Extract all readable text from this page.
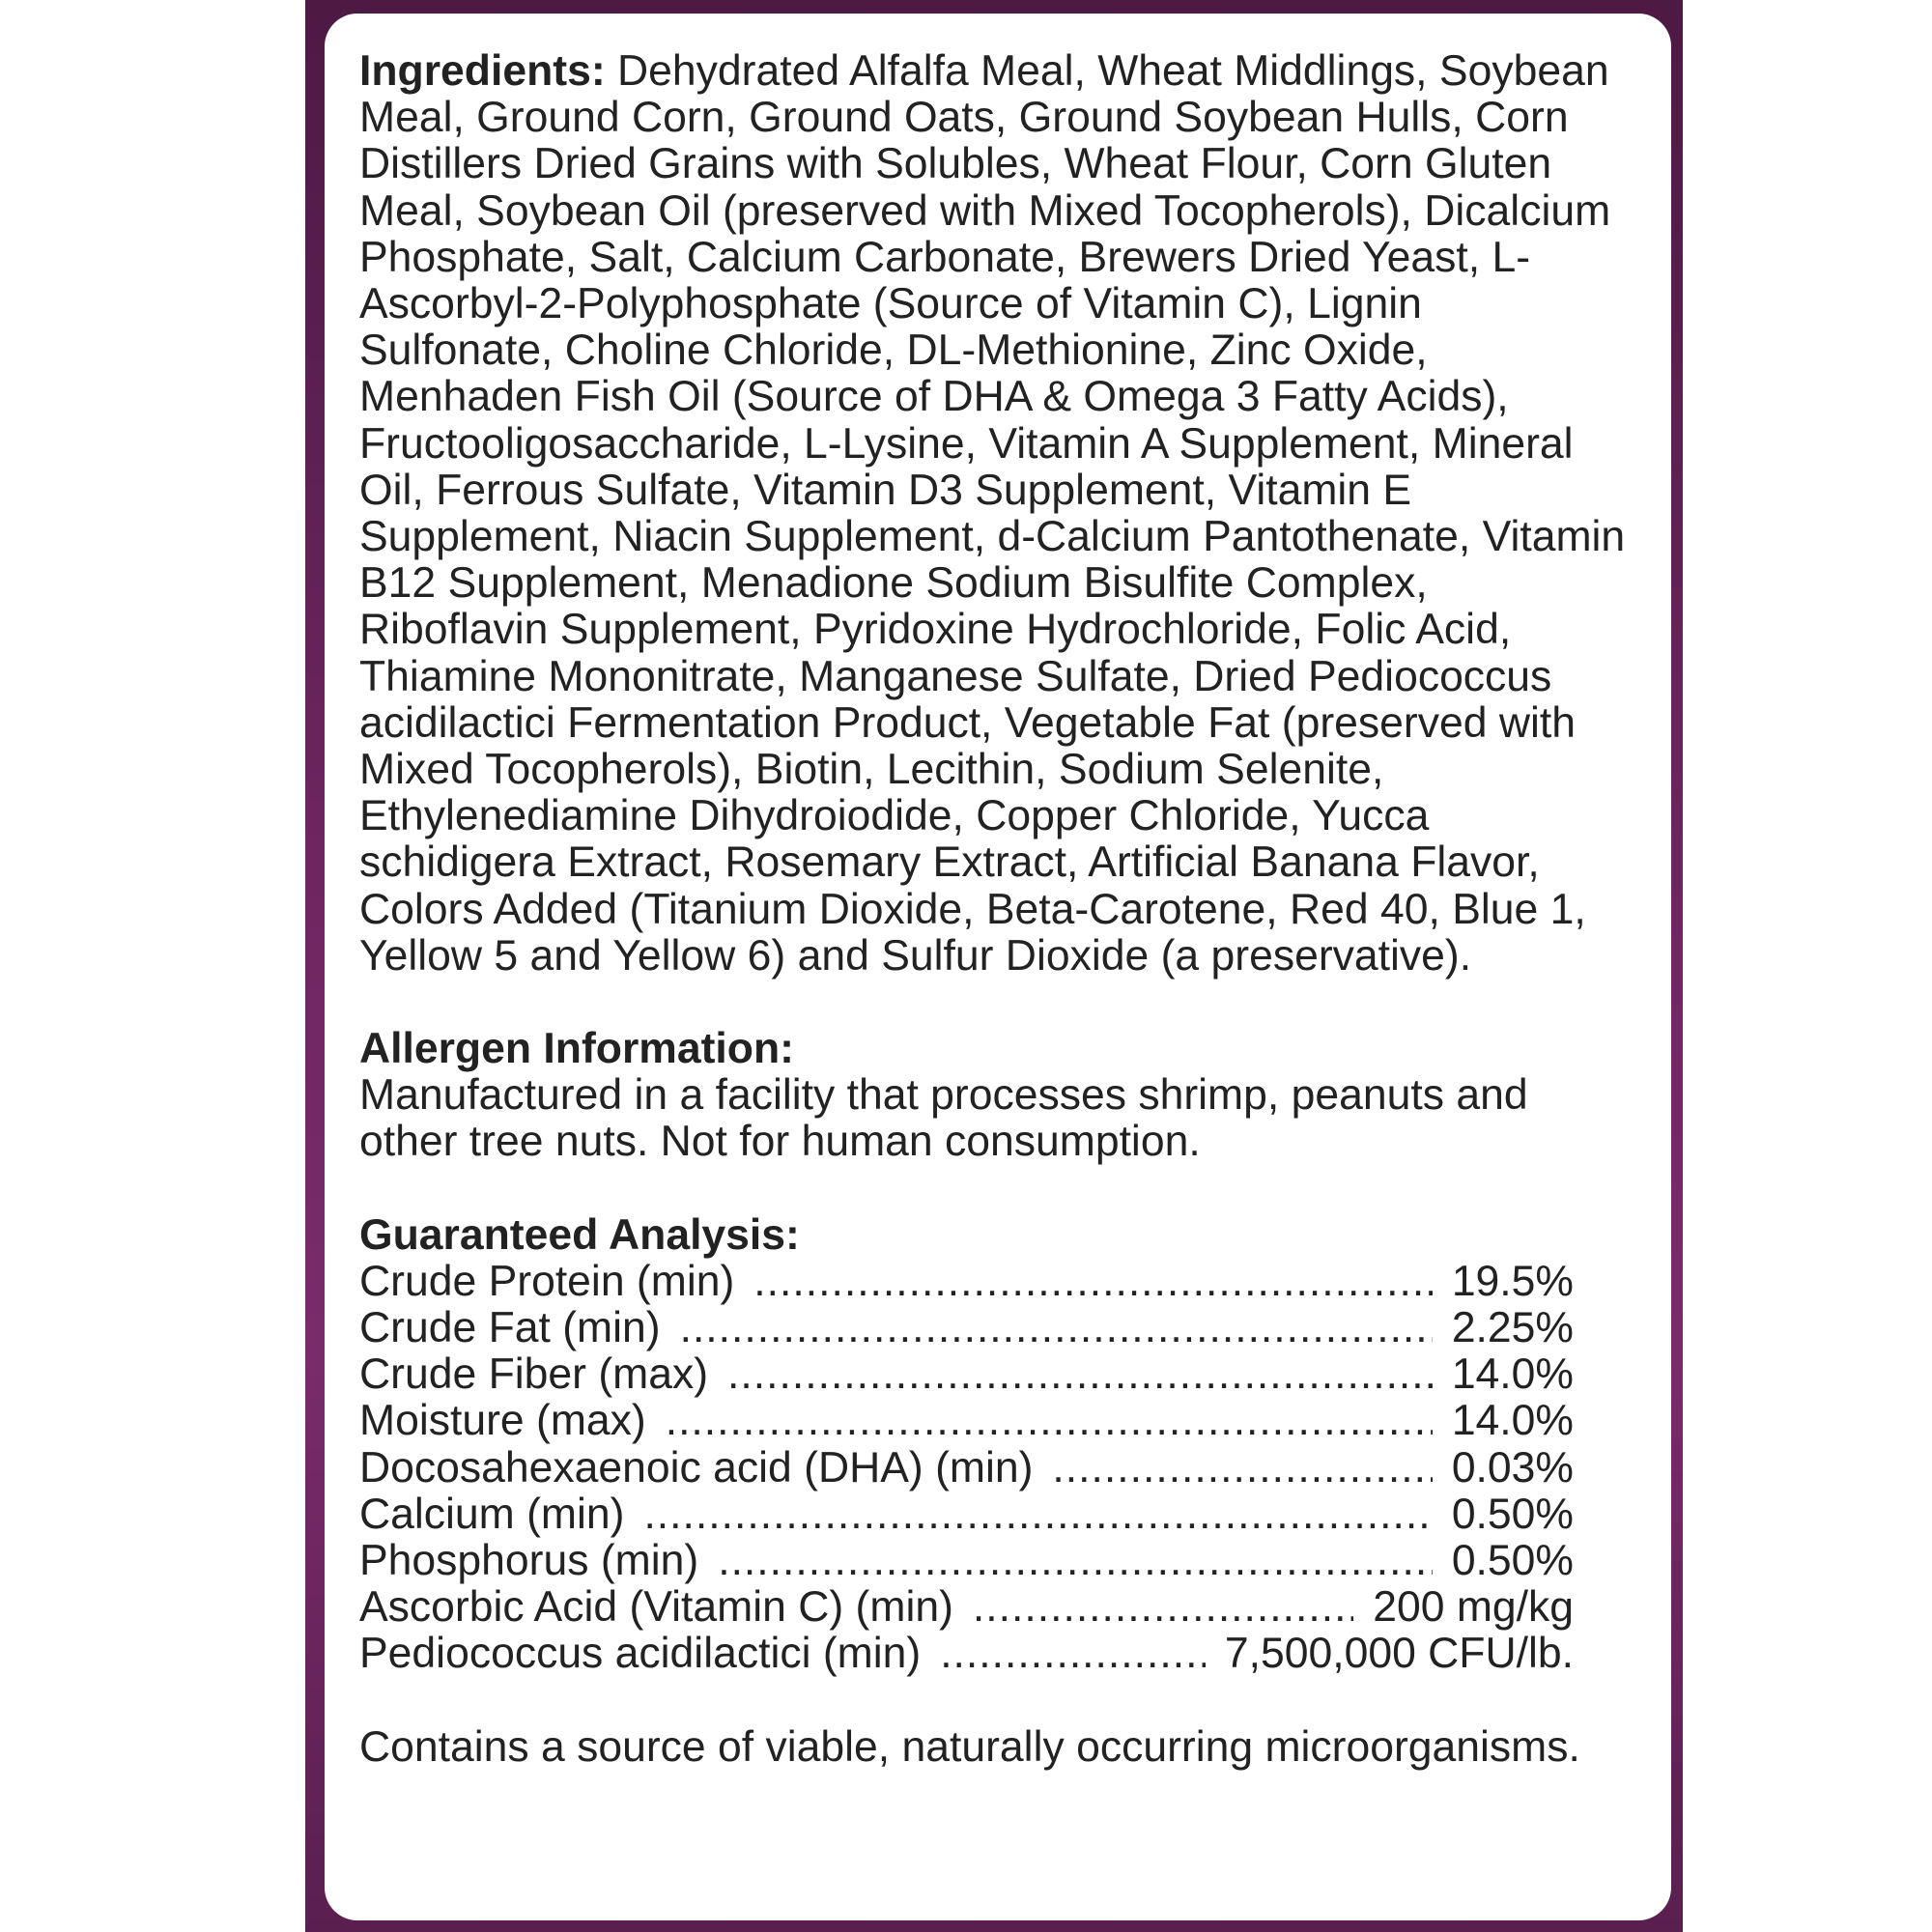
Ingredients: Dehydrated Alfalfa Meal, Wheat Middlings, Soybean Meal, Ground Corn, Ground Oats, Ground Soybean Hulls, Corn Distillers Dried Grains with Solubles, Wheat Flour, Corn Gluten Meal, Soybean Oil (preserved with Mixed Tocopherols), Dicalcium Phosphate, Salt, Calcium Carbonate, Brewers Dried Yeast, L-Ascorbyl-2-Polyphosphate (Source of Vitamin C), Lignin Sulfonate, Choline Chloride, DL-Methionine, Zinc Oxide, Menhaden Fish Oil (Source of DHA & Omega 3 Fatty Acids), Fructooligosaccharide, L-Lysine, Vitamin A Supplement, Mineral Oil, Ferrous Sulfate, Vitamin D3 Supplement, Vitamin E Supplement, Niacin Supplement, d-Calcium Pantothenate, Vitamin B12 Supplement, Menadione Sodium Bisulfite Complex, Riboflavin Supplement, Pyridoxine Hydrochloride, Folic Acid, Thiamine Mononitrate, Manganese Sulfate, Dried Pediococcus acidilactici Fermentation Product, Vegetable Fat (preserved with Mixed Tocopherols), Biotin, Lecithin, Sodium Selenite, Ethylenediamine Dihydroiodide, Copper Chloride, Yucca schidigera Extract, Rosemary Extract, Artificial Banana Flavor, Colors Added (Titanium Dioxide, Beta-Carotene, Red 40, Blue 1, Yellow 5 and Yellow 6) and Sulfur Dioxide (a preservative).

Allergen Information:

Manufactured in a facility that processes shrimp, peanuts and other tree nuts. Not for human consumption.

Guaranteed Analysis:

Crude Protein (min) .....	19.5%
Crude Fat (min) .....	2.25%
Crude Fiber (max) .....	14.0%
Moisture (max) .....	14.0%
Docosahexaenoic acid (DHA) (min) .....	0.03%
Calcium (min) .....	0.50%
Phosphorus (min) .....	0.50%
Ascorbic Acid (Vitamin C) (min) .....	200 mg/kg
Pediococcus acidilactici (min) .....	7,500,000 CFU/lb.

Contains a source of viable, naturally occurring microorganisms.
